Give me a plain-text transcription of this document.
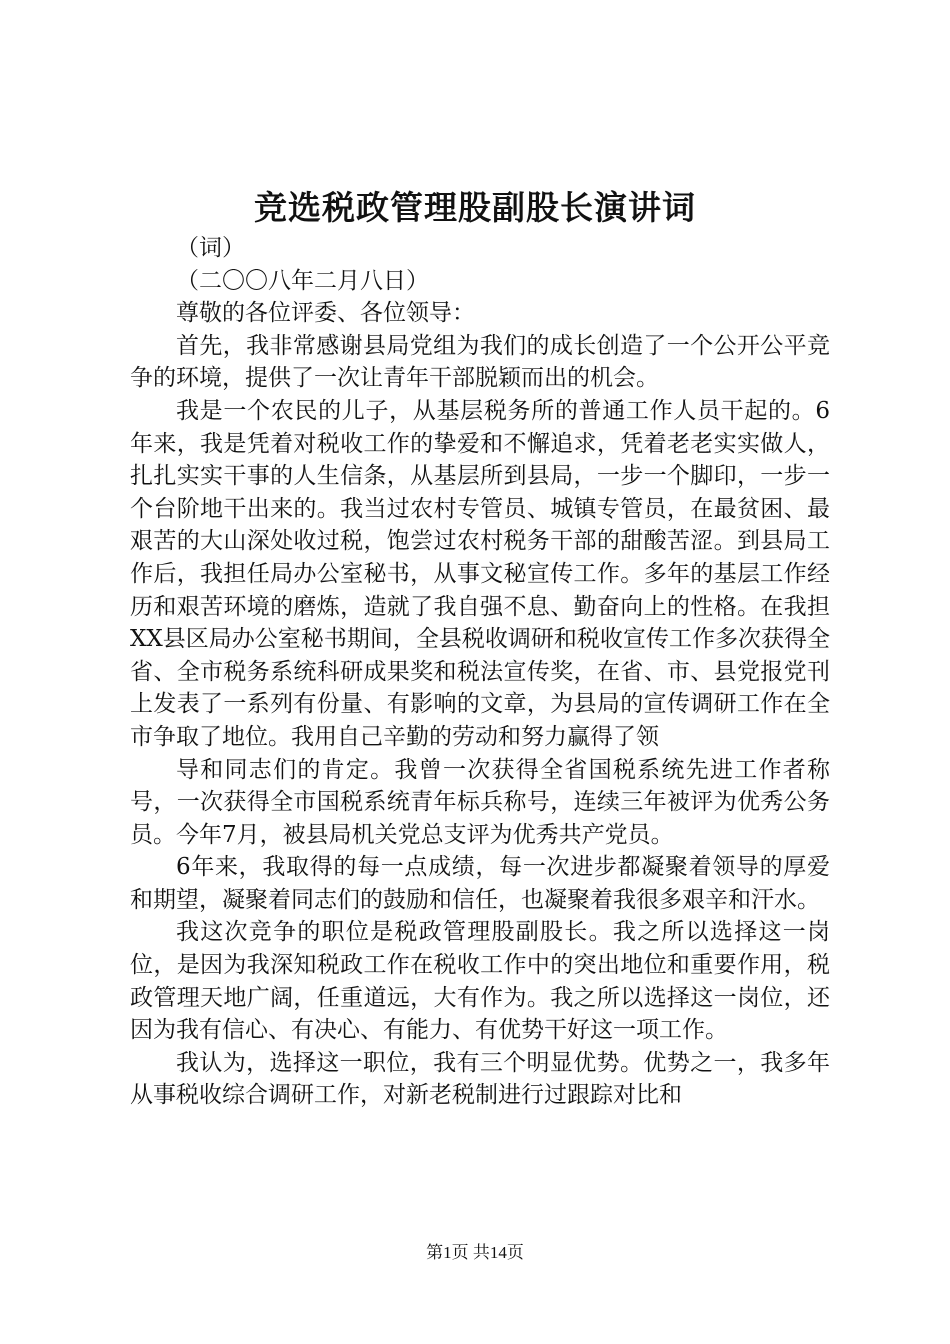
竞选税政管理股副股长演讲词

（词）

（二〇〇八年二月八日）

尊敬的各位评委、各位领导：

首先，我非常感谢县局党组为我们的成长创造了一个公开公平竞争的环境，提供了一次让青年干部脱颖而出的机会。

我是一个农民的儿子，从基层税务所的普通工作人员干起的。6年来，我是凭着对税收工作的挚爱和不懈追求，凭着老老实实做人，扎扎实实干事的人生信条，从基层所到县局，一步一个脚印，一步一个台阶地干出来的。我当过农村专管员、城镇专管员，在最贫困、最艰苦的大山深处收过税，饱尝过农村税务干部的甜酸苦涩。到县局工作后，我担任局办公室秘书，从事文秘宣传工作。多年的基层工作经历和艰苦环境的磨炼，造就了我自强不息、勤奋向上的性格。在我担XX县区局办公室秘书期间，全县税收调研和税收宣传工作多次获得全省、全市税务系统科研成果奖和税法宣传奖，在省、市、县党报党刊上发表了一系列有份量、有影响的文章，为县局的宣传调研工作在全市争取了地位。我用自己辛勤的劳动和努力赢得了领

导和同志们的肯定。我曾一次获得全省国税系统先进工作者称号，一次获得全市国税系统青年标兵称号，连续三年被评为优秀公务员。今年7月，被县局机关党总支评为优秀共产党员。

6年来，我取得的每一点成绩，每一次进步都凝聚着领导的厚爱和期望，凝聚着同志们的鼓励和信任，也凝聚着我很多艰辛和汗水。

我这次竞争的职位是税政管理股副股长。我之所以选择这一岗位，是因为我深知税政工作在税收工作中的突出地位和重要作用，税政管理天地广阔，任重道远，大有作为。我之所以选择这一岗位，还因为我有信心、有决心、有能力、有优势干好这一项工作。

我认为，选择这一职位，我有三个明显优势。优势之一，我多年从事税收综合调研工作，对新老税制进行过跟踪对比和

第1页 共14页
